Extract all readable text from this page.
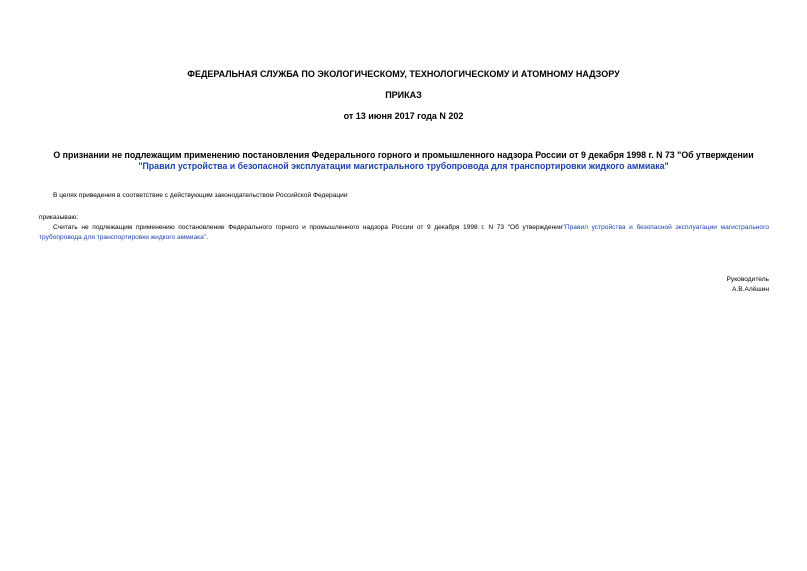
ФЕДЕРАЛЬНАЯ СЛУЖБА ПО ЭКОЛОГИЧЕСКОМУ, ТЕХНОЛОГИЧЕСКОМУ И АТОМНОМУ НАДЗОРУ
ПРИКАЗ
от 13 июня 2017 года N 202
О признании не подлежащим применению постановления Федерального горного и промышленного надзора России от 9 декабря 1998 г. N 73 "Об утверждении
"Правил устройства и безопасной эксплуатации магистрального трубопровода для транспортировки жидкого аммиака"
В целях приведения в соответствие с действующим законодательством Российской Федерации
приказываю:
Считать не подлежащим применению постановление Федерального горного и промышленного надзора России от 9 декабря 1998 г. N 73 "Об утверждении"Правил устройства и безопасной эксплуатации магистрального трубопровода для транспортировки жидкого аммиака".
Руководитель
А.В.Алёшин
